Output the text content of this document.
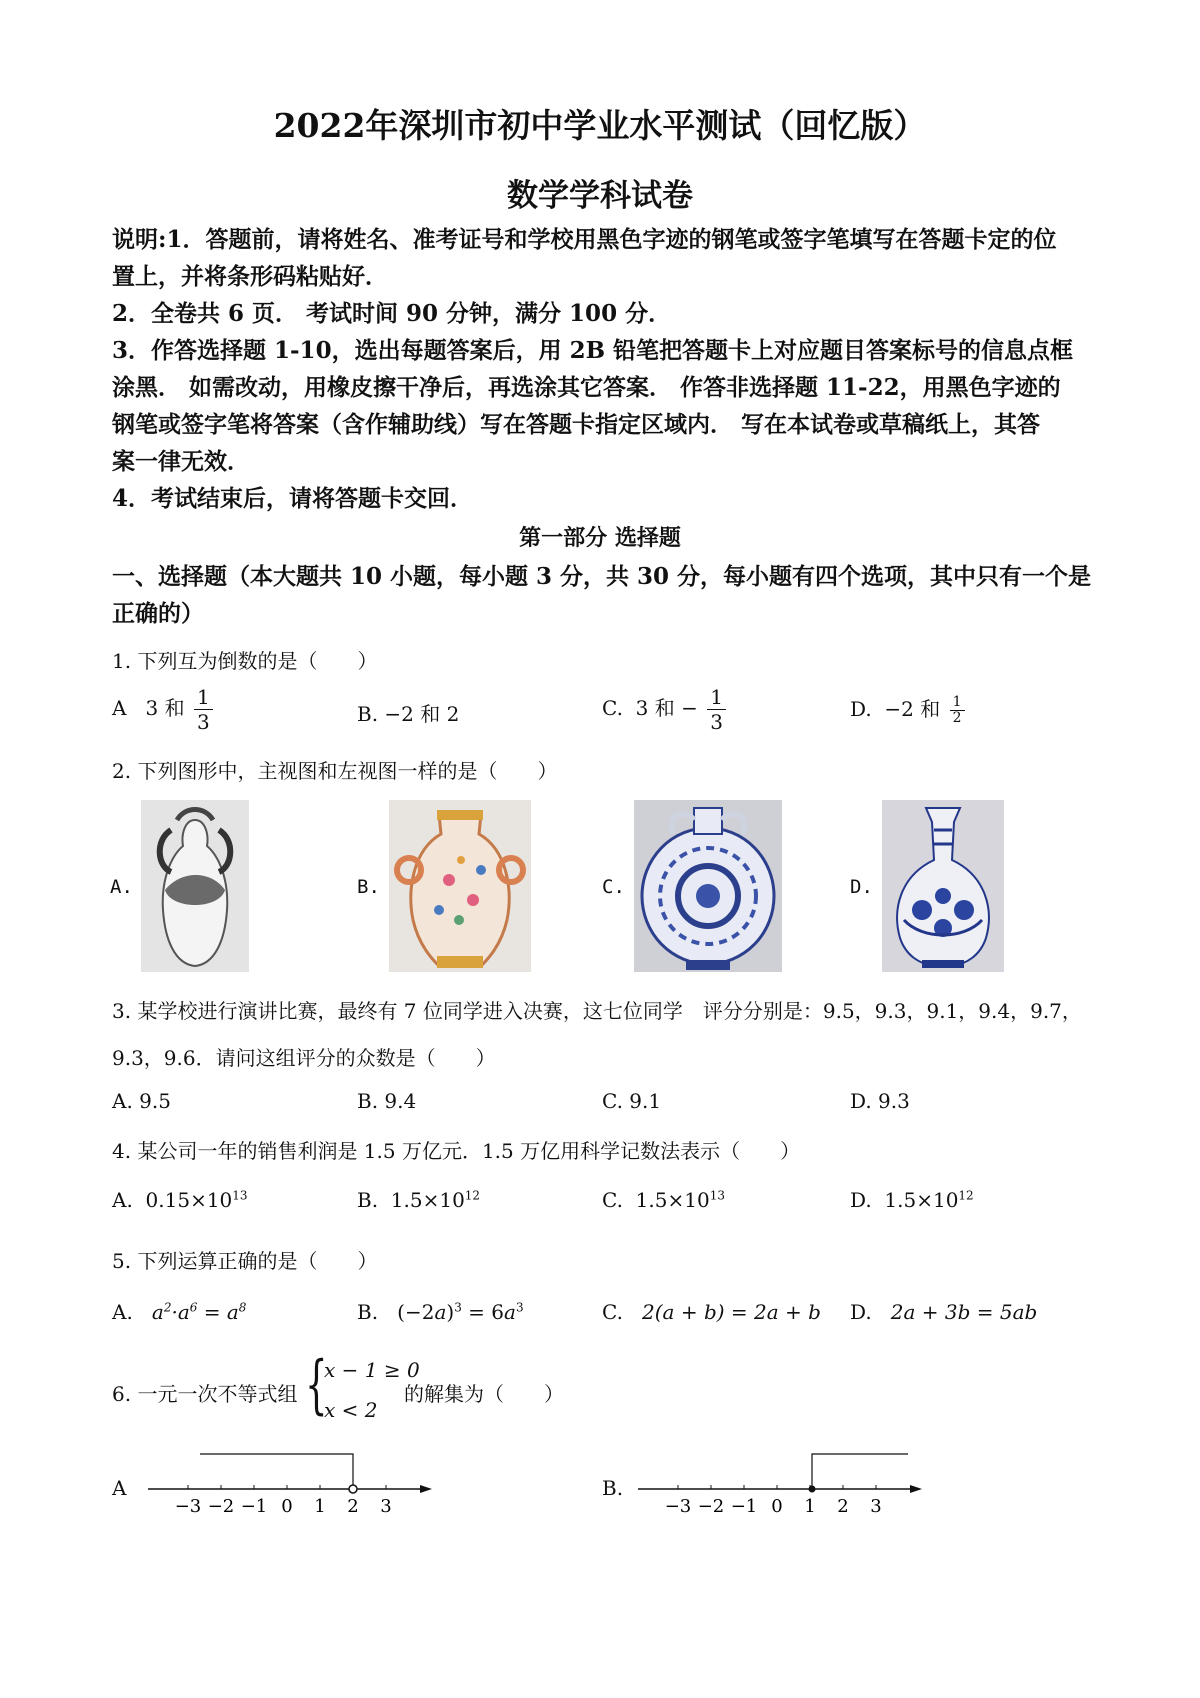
2022年深圳市初中学业水平测试（回忆版）
数学学科试卷
说明:1．答题前，请将姓名、准考证号和学校用黑色字迹的钢笔或签字笔填写在答题卡定的位
置上，并将条形码粘贴好．
2．全卷共 6 页． 考试时间 90 分钟，满分 100 分．
3．作答选择题 1-10，选出每题答案后，用 2B 铅笔把答题卡上对应题目答案标号的信息点框
涂黑． 如需改动，用橡皮擦干净后，再选涂其它答案． 作答非选择题 11-22，用黑色字迹的
钢笔或签字笔将答案（含作辅助线）写在答题卡指定区域内． 写在本试卷或草稿纸上，其答
案一律无效．
4．考试结束后，请将答题卡交回．
第一部分 选择题
一、选择题（本大题共 10 小题，每小题 3 分，共 30 分，每小题有四个选项，其中只有一个是
正确的）
1. 下列互为倒数的是（　　）
A 3 和 $\frac{1}{3}$	B. −2 和 2	C. 3 和 − $\frac{1}{3}$	D. −2 和 $\frac{1}{2}$
2. 下列图形中，主视图和左视图一样的是（　　）
A.	B.	C.	D.
3. 某学校进行演讲比赛，最终有 7 位同学进入决赛，这七位同学　评分分别是：9.5，9.3，9.1，9.4，9.7，
9.3，9.6．请问这组评分的众数是（　　）
A. 9.5	B. 9.4	C. 9.1	D. 9.3
4. 某公司一年的销售利润是 1.5 万亿元．1.5 万亿用科学记数法表示（　　）
A. $0.15\times 10^{13}$	B. $1.5\times 10^{12}$	C. $1.5\times 10^{13}$	D. $1.5\times 10^{12}$
5. 下列运算正确的是（　　）
A. $a^2\cdot a^6 = a^8$	B. $(-2a)^3 = 6a^3$	C. 2(a + b) = 2a + b D. 2a + 3b = 5ab
6. 一元一次不等式组 {
x − 1 ≥ 0
x < 2
的解集为（　　）
A
−3 −2 −1 0 1 2 3
B.
−3 −2 −1 0 1 2 3
